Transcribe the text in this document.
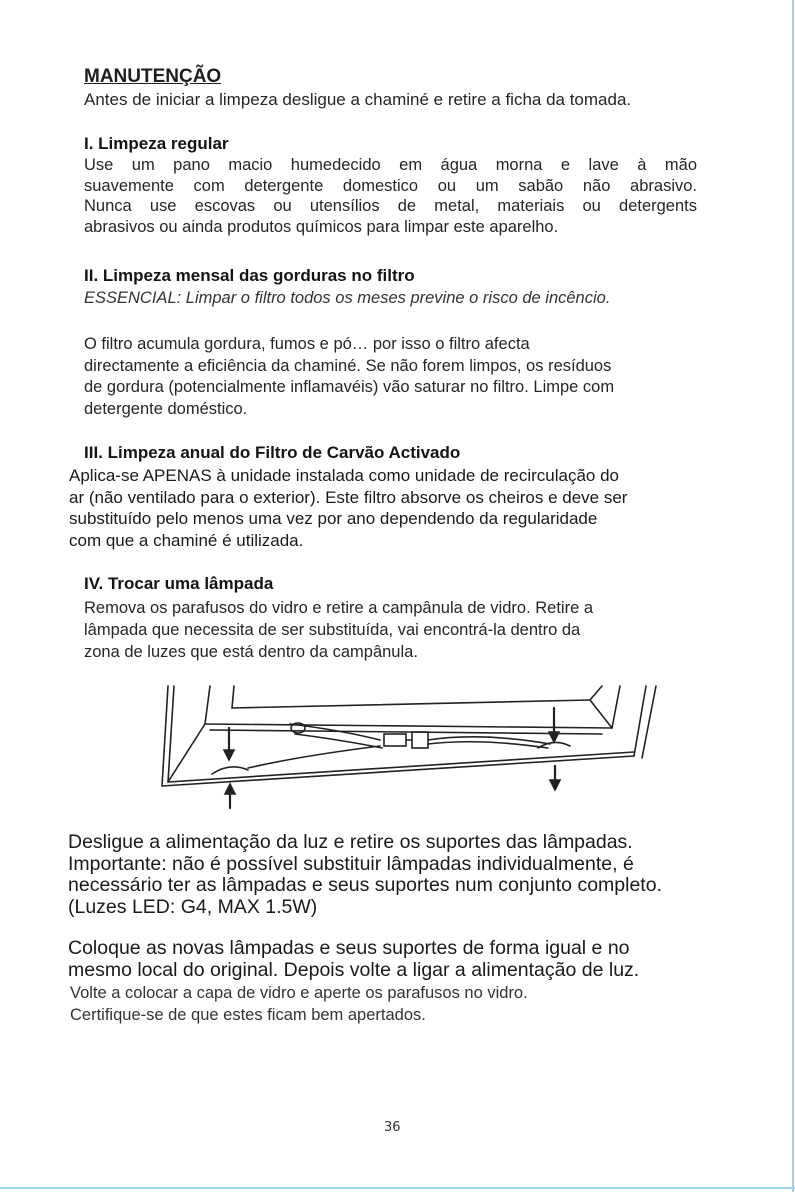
MANUTENÇÃO
Antes de iniciar a limpeza desligue a chaminé e retire a ficha da tomada.
I. Limpeza regular
Use um pano macio humedecido em água morna e lave à mão
suavemente com detergente domestico ou um sabão não abrasivo.
Nunca use escovas ou utensílios de metal, materiais ou detergents
abrasivos ou ainda produtos químicos para limpar este aparelho.
II. Limpeza mensal das gorduras no filtro
ESSENCIAL: Limpar o filtro todos os meses previne o risco de incêncio.
O filtro acumula gordura, fumos e pó… por isso o filtro afecta
directamente a eficiência da chaminé. Se não forem limpos, os resíduos
de gordura (potencialmente inflamavéis) vão saturar no filtro. Limpe com
detergente doméstico.
III. Limpeza anual do Filtro de Carvão Activado
Aplica-se APENAS à unidade instalada como unidade de recirculação do
ar (não ventilado para o exterior). Este filtro absorve os cheiros e deve ser
substituído pelo menos uma vez por ano dependendo da regularidade
com que a chaminé é utilizada.
IV. Trocar uma lâmpada
Remova os parafusos do vidro e retire a campânula de vidro. Retire a
lâmpada que necessita de ser substituída, vai encontrá-la dentro da
zona de luzes que está dentro da campânula.
Desligue a alimentação da luz e retire os suportes das lâmpadas.
Importante: não é possível substituir lâmpadas individualmente, é
necessário ter as lâmpadas e seus suportes num conjunto completo.
(Luzes LED: G4, MAX 1.5W)
Coloque as novas lâmpadas e seus suportes de forma igual e no
mesmo local do original. Depois volte a ligar a alimentação de luz.
Volte a colocar a capa de vidro e aperte os parafusos no vidro.
Certifique-se de que estes ficam bem apertados.
36
